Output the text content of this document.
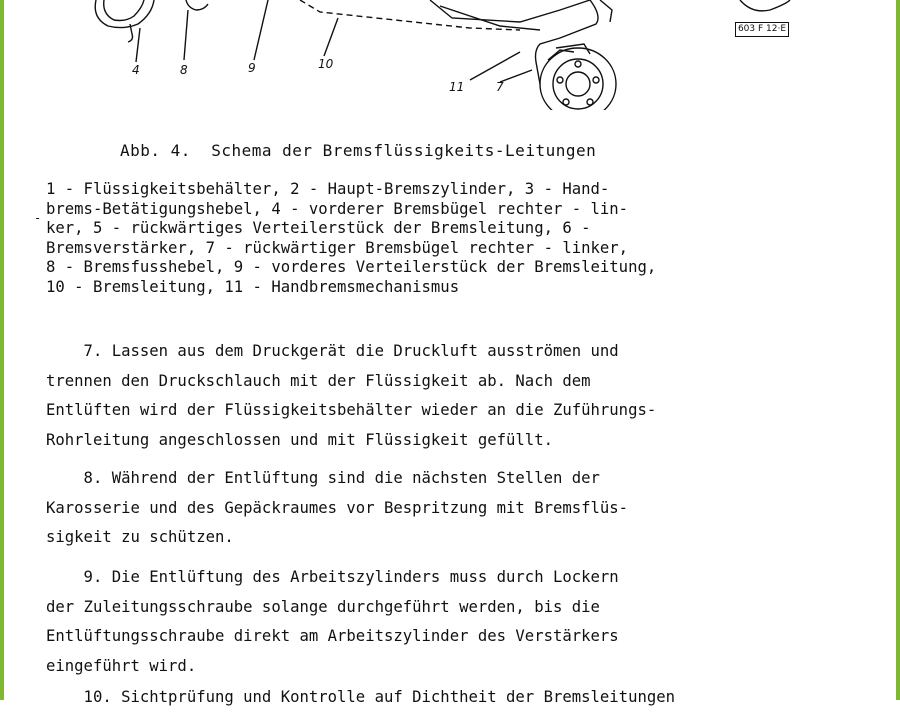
4	8	9	10
11	7
603 F 12·E

Abb. 4.  Schema der Bremsflüssigkeits-Leitungen

-
1 - Flüssigkeitsbehälter, 2 - Haupt-Bremszylinder, 3 - Hand-
brems-Betätigungshebel, 4 - vorderer Bremsbügel rechter - lin-
ker, 5 - rückwärtiges Verteilerstück der Bremsleitung, 6 -
Bremsverstärker, 7 - rückwärtiger Bremsbügel rechter - linker,
8 - Bremsfusshebel, 9 - vorderes Verteilerstück der Bremsleitung,
10 - Bremsleitung, 11 - Handbremsmechanismus
7. Lassen aus dem Druckgerät die Druckluft ausströmen und
trennen den Druckschlauch mit der Flüssigkeit ab. Nach dem
Entlüften wird der Flüssigkeitsbehälter wieder an die Zuführungs-
Rohrleitung angeschlossen und mit Flüssigkeit gefüllt.
8. Während der Entlüftung sind die nächsten Stellen der
Karosserie und des Gepäckraumes vor Bespritzung mit Bremsflüs-
sigkeit zu schützen.
9. Die Entlüftung des Arbeitszylinders muss durch Lockern
der Zuleitungsschraube solange durchgeführt werden, bis die
Entlüftungsschraube direkt am Arbeitszylinder des Verstärkers
eingeführt wird.
10. Sichtprüfung und Kontrolle auf Dichtheit der Bremsleitungen
